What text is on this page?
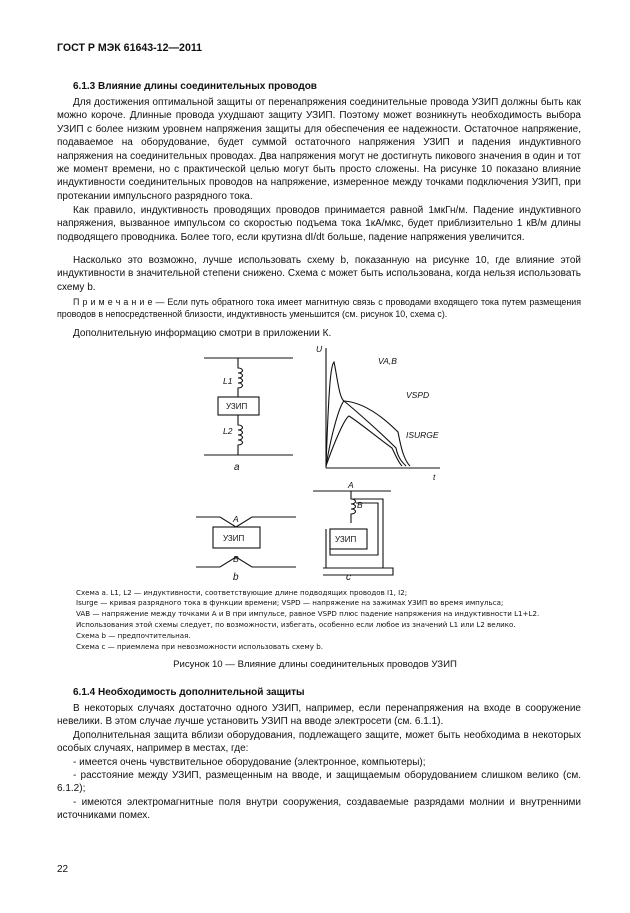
ГОСТ Р МЭК 61643-12—2011
6.1.3 Влияние длины соединительных проводов

Для достижения оптимальной защиты от перенапряжения соединительные провода УЗИП должны быть как можно короче. Длинные провода ухудшают защиту УЗИП. Поэтому может возникнуть необходимость выбора УЗИП с более низким уровнем напряжения защиты для обеспечения ее надежности. Остаточное напряжение, подаваемое на оборудование, будет суммой остаточного напряжения УЗИП и падения индуктивного напряжения на соединительных проводах. Два напряжения могут не достигнуть пикового значения в один и тот же момент времени, но с практической целью могут быть просто сложены. На рисунке 10 показано влияние индуктивности соединительных проводов на напряжение, измеренное между точками подключения УЗИП, при протекании импульсного разрядного тока.

Как правило, индуктивность проводящих проводов принимается равной 1мкГн/м. Падение индуктивного напряжения, вызванное импульсом со скоростью подъема тока 1кА/мкс, будет приблизительно 1 кВ/м длины подводящего проводника. Более того, если крутизна dI/dt больше, падение напряжения увеличится.

Насколько это возможно, лучше использовать схему b, показанную на рисунке 10, где влияние этой индуктивности в значительной степени снижено. Схема c может быть использована, когда нельзя использовать схему b.

П р и м е ч а н и е — Если путь обратного тока имеет магнитную связь с проводами входящего тока путем размещения проводов в непосредственной близости, индуктивность уменьшится (см. рисунок 10, схема c).

Дополнительную информацию смотри в приложении К.

L1
L2
a
A
B
b
A
B
c
U
t
VA,B
VSPD
ISURGE
УЗИП
УЗИП	УЗИП

Схема a. L1, L2 — индуктивности, соответствующие длине подводящих проводов I1, I2;

Isurge — кривая разрядного тока в функции времени; VSPD — напряжение на зажимах УЗИП во время импульса;

VAB — напряжение между точками A и B при импульсе, равное VSPD плюс падение напряжения на индуктивности L1+L2.

Использования этой схемы следует, по возможности, избегать, особенно если любое из значений L1 или L2 велико.

Схема b — предпочтительная.

Схема c — приемлема при невозможности использовать схему b.

Рисунок 10 — Влияние длины соединительных проводов УЗИП
6.1.4 Необходимость дополнительной защиты

В некоторых случаях достаточно одного УЗИП, например, если перенапряжения на входе в сооружение невелики. В этом случае лучше установить УЗИП на вводе электросети (см. 6.1.1).

Дополнительная защита вблизи оборудования, подлежащего защите, может быть необходима в некоторых особых случаях, например в местах, где:

- имеется очень чувствительное оборудование (электронное, компьютеры);

- расстояние между УЗИП, размещенным на вводе, и защищаемым оборудованием слишком велико (см. 6.1.2);

- имеются электромагнитные поля внутри сооружения, создаваемые разрядами молнии и внутренними источниками помех.

22
